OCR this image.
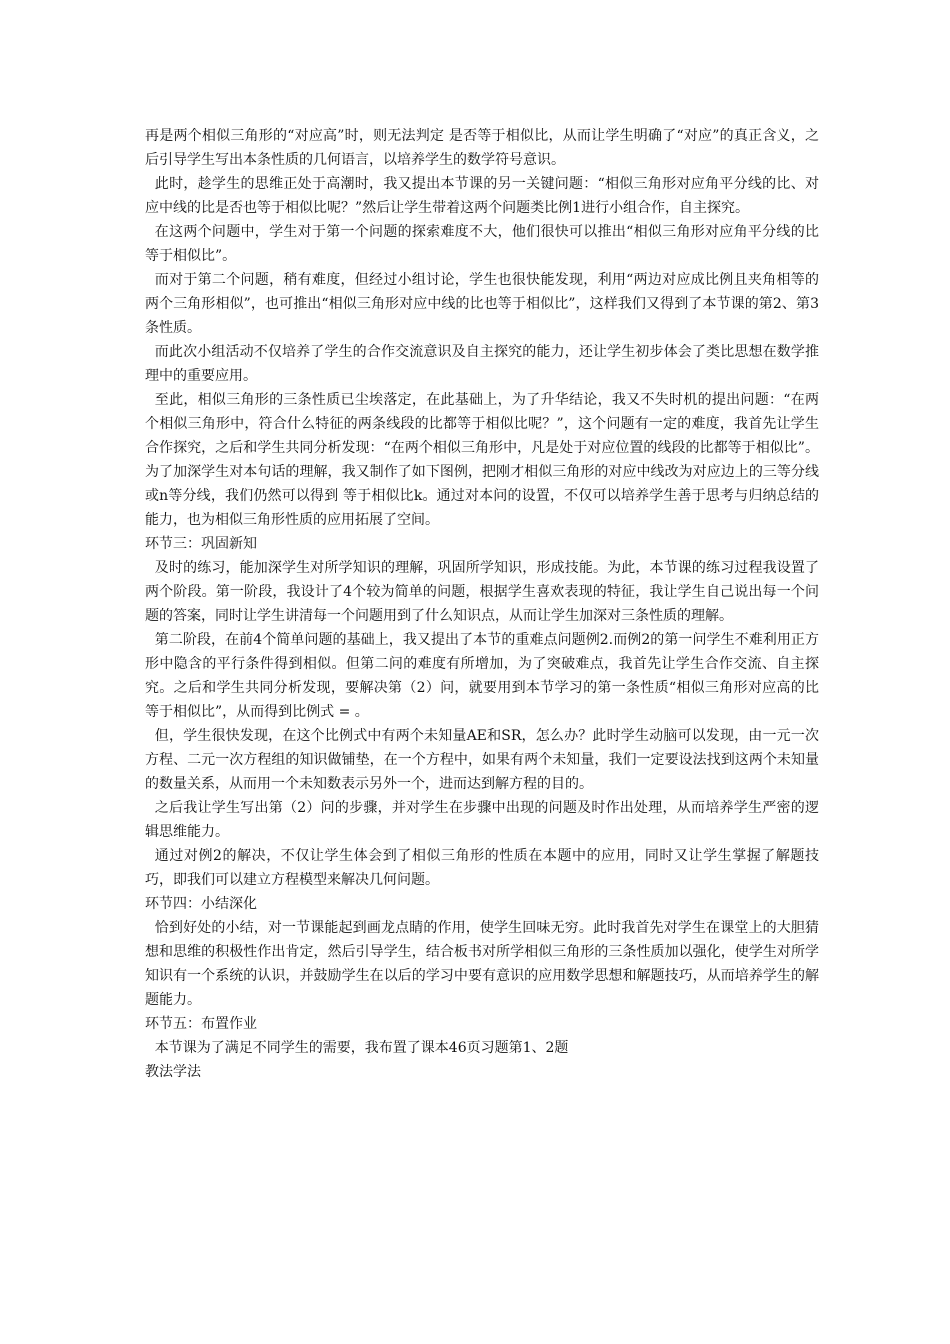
再是两个相似三角形的“对应高”时，则无法判定 是否等于相似比，从而让学生明确了“对应”的真正含义，之后引导学生写出本条性质的几何语言，以培养学生的数学符号意识。

此时，趁学生的思维正处于高潮时，我又提出本节课的另一关键问题：“相似三角形对应角平分线的比、对应中线的比是否也等于相似比呢？”然后让学生带着这两个问题类比例1进行小组合作，自主探究。

在这两个问题中，学生对于第一个问题的探索难度不大，他们很快可以推出“相似三角形对应角平分线的比等于相似比”。

而对于第二个问题，稍有难度，但经过小组讨论，学生也很快能发现，利用“两边对应成比例且夹角相等的两个三角形相似”，也可推出“相似三角形对应中线的比也等于相似比”，这样我们又得到了本节课的第2、第3条性质。

而此次小组活动不仅培养了学生的合作交流意识及自主探究的能力，还让学生初步体会了类比思想在数学推理中的重要应用。

至此，相似三角形的三条性质已尘埃落定，在此基础上，为了升华结论，我又不失时机的提出问题：“在两个相似三角形中，符合什么特征的两条线段的比都等于相似比呢？”，这个问题有一定的难度，我首先让学生合作探究，之后和学生共同分析发现：“在两个相似三角形中，凡是处于对应位置的线段的比都等于相似比”。为了加深学生对本句话的理解，我又制作了如下图例，把刚才相似三角形的对应中线改为对应边上的三等分线或n等分线，我们仍然可以得到 等于相似比k。通过对本问的设置，不仅可以培养学生善于思考与归纳总结的能力，也为相似三角形性质的应用拓展了空间。

环节三：巩固新知

及时的练习，能加深学生对所学知识的理解，巩固所学知识，形成技能。为此，本节课的练习过程我设置了两个阶段。第一阶段，我设计了4个较为简单的问题，根据学生喜欢表现的特征，我让学生自己说出每一个问题的答案，同时让学生讲清每一个问题用到了什么知识点，从而让学生加深对三条性质的理解。

第二阶段，在前4个简单问题的基础上，我又提出了本节的重难点问题例2.而例2的第一问学生不难利用正方形中隐含的平行条件得到相似。但第二问的难度有所增加，为了突破难点，我首先让学生合作交流、自主探究。之后和学生共同分析发现，要解决第（2）问，就要用到本节学习的第一条性质“相似三角形对应高的比等于相似比”，从而得到比例式 = 。

但，学生很快发现，在这个比例式中有两个未知量AE和SR，怎么办？此时学生动脑可以发现，由一元一次方程、二元一次方程组的知识做铺垫，在一个方程中，如果有两个未知量，我们一定要设法找到这两个未知量的数量关系，从而用一个未知数表示另外一个，进而达到解方程的目的。

之后我让学生写出第（2）问的步骤，并对学生在步骤中出现的问题及时作出处理，从而培养学生严密的逻辑思维能力。

通过对例2的解决，不仅让学生体会到了相似三角形的性质在本题中的应用，同时又让学生掌握了解题技巧，即我们可以建立方程模型来解决几何问题。

环节四：小结深化

恰到好处的小结，对一节课能起到画龙点睛的作用，使学生回味无穷。此时我首先对学生在课堂上的大胆猜想和思维的积极性作出肯定，然后引导学生，结合板书对所学相似三角形的三条性质加以强化，使学生对所学知识有一个系统的认识，并鼓励学生在以后的学习中要有意识的应用数学思想和解题技巧，从而培养学生的解题能力。

环节五：布置作业

本节课为了满足不同学生的需要，我布置了课本46页习题第1、2题

教法学法
